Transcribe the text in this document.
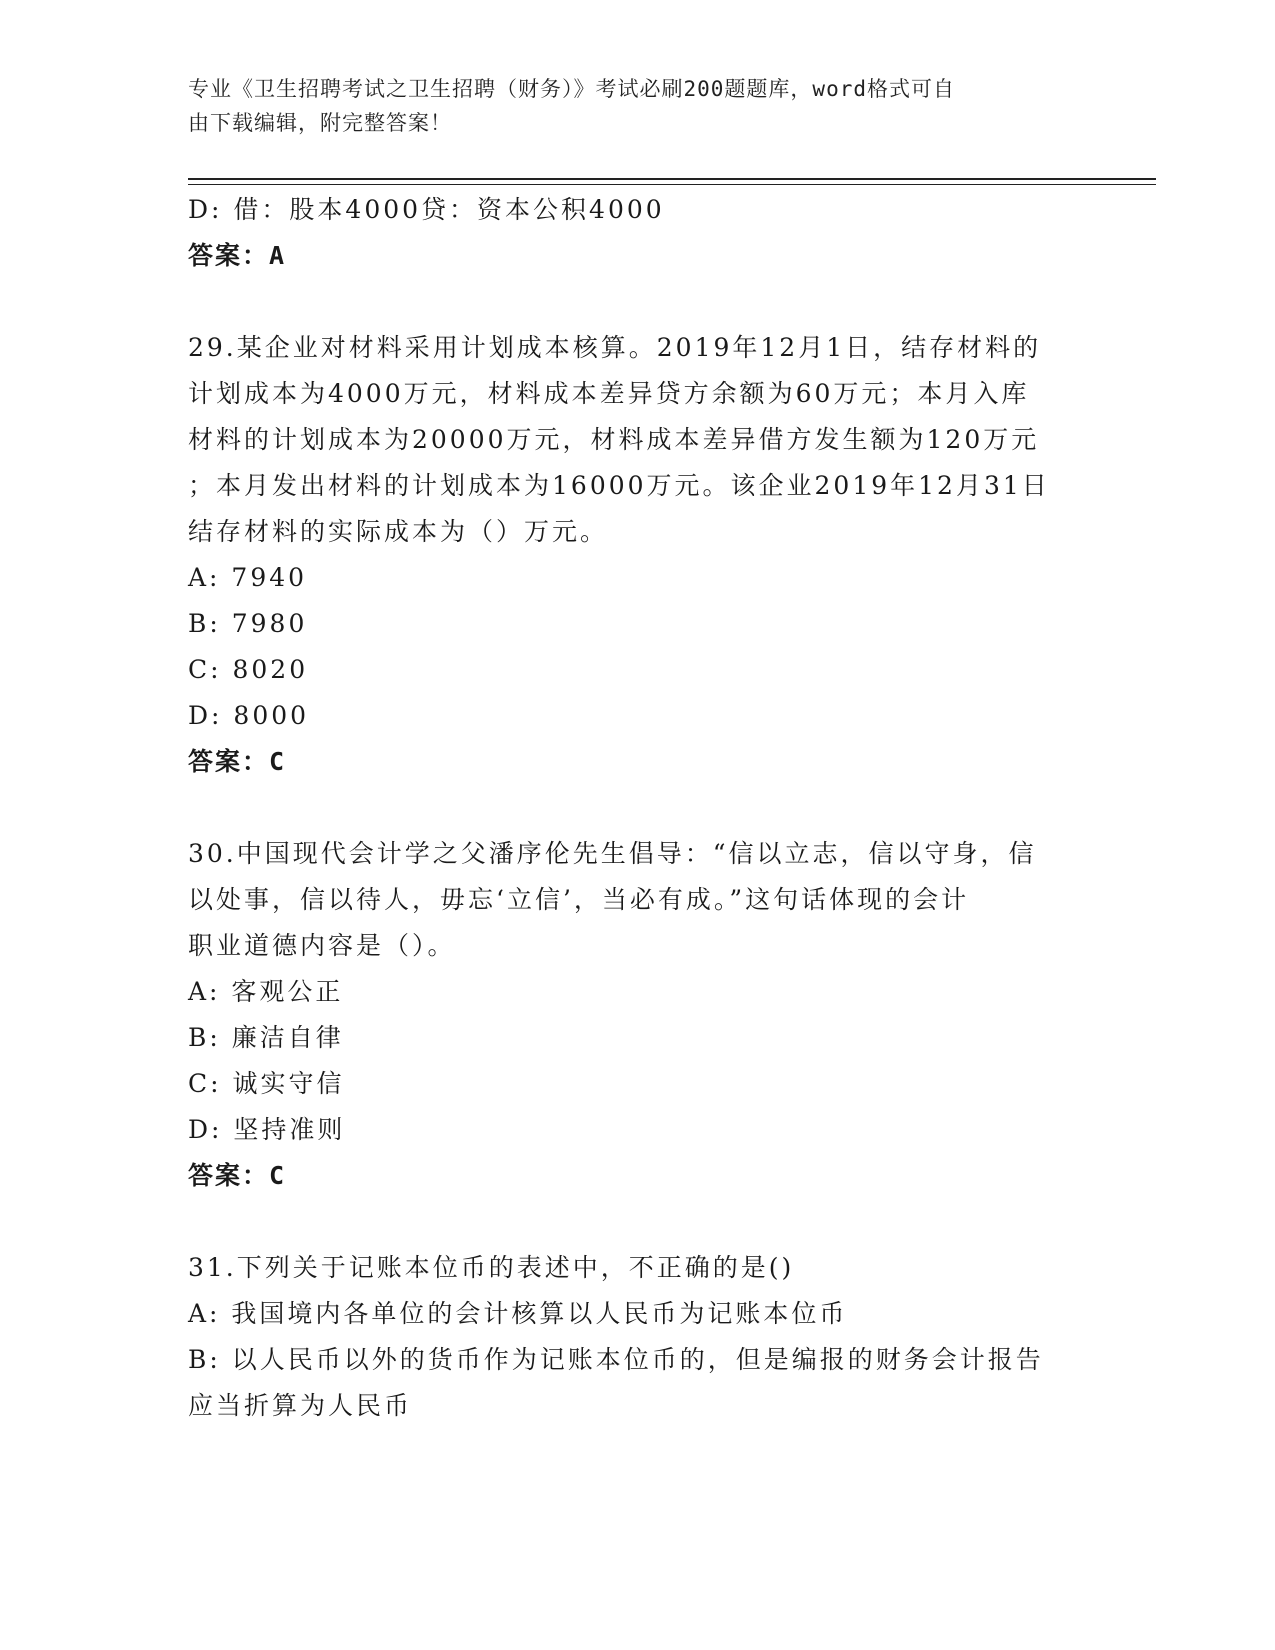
专业《卫生招聘考试之卫生招聘（财务）》考试必刷200题题库，word格式可自
由下载编辑，附完整答案！
D: 借：股本4000贷：资本公积4000
答案：A
29.某企业对材料采用计划成本核算。2019年12月1日，结存材料的
计划成本为4000万元，材料成本差异贷方余额为60万元；本月入库
材料的计划成本为20000万元，材料成本差异借方发生额为120万元
；本月发出材料的计划成本为16000万元。该企业2019年12月31日
结存材料的实际成本为（）万元。
A: 7940
B: 7980
C: 8020
D: 8000
答案：C
30.中国现代会计学之父潘序伦先生倡导：“信以立志，信以守身，信
以处事，信以待人，毋忘‘立信’，当必有成。”这句话体现的会计
职业道德内容是（）。
A: 客观公正
B: 廉洁自律
C: 诚实守信
D: 坚持准则
答案：C
31.下列关于记账本位币的表述中，不正确的是()
A: 我国境内各单位的会计核算以人民币为记账本位币
B: 以人民币以外的货币作为记账本位币的，但是编报的财务会计报告
应当折算为人民币
